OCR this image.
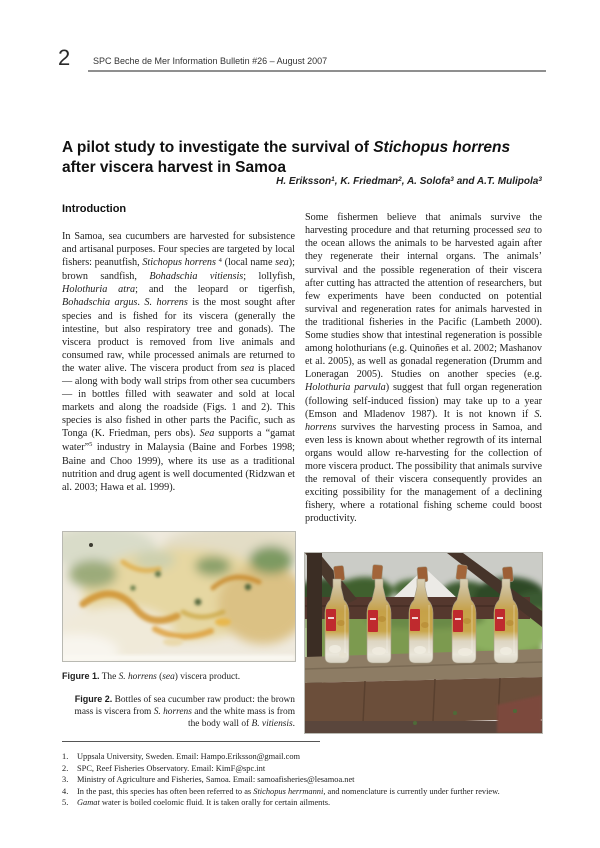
2	SPC Beche de Mer Information Bulletin #26 – August 2007
A pilot study to investigate the survival of Stichopus horrens after viscera harvest in Samoa
H. Eriksson$^1$, K. Friedman$^2$, A. Solofa$^3$ and A.T. Mulipola$^3$
Introduction

In Samoa, sea cucumbers are harvested for subsistence and artisanal purposes. Four species are targeted by local fishers: peanutfish, Stichopus horrens $^4$ (local name sea); brown sandfish, Bohadschia vitiensis; lollyfish, Holothuria atra; and the leopard or tigerfish, Bohadschia argus. S. horrens is the most sought after species and is fished for its viscera (generally the intestine, but also respiratory tree and gonads). The viscera product is removed from live animals and consumed raw, while processed animals are returned to the water alive. The viscera product from sea is placed — along with body wall strips from other sea cucumbers — in bottles filled with seawater and sold at local markets and along the roadside (Figs. 1 and 2). This species is also fished in other parts the Pacific, such as Tonga (K. Friedman, pers obs). Sea supports a “gamat water”$^5$ industry in Malaysia (Baine and Forbes 1998; Baine and Choo 1999), where its use as a traditional nutrition and drug agent is well documented (Ridzwan et al. 2003; Hawa et al. 1999).

Some fishermen believe that animals survive the harvesting procedure and that returning processed sea to the ocean allows the animals to be harvested again after they regenerate their internal organs. The animals’ survival and the possible regeneration of their viscera after cutting has attracted the attention of researchers, but few experiments have been conducted on potential survival and regeneration rates for animals harvested in the traditional fisheries in the Pacific (Lambeth 2000). Some studies show that intestinal regeneration is possible among holothurians (e.g. Quinoñes et al. 2002; Mashanov et al. 2005), as well as gonadal regeneration (Drumm and Loneragan 2005). Studies on another species (e.g. Holothuria parvula) suggest that full organ regeneration (following self-induced fission) may take up to a year (Emson and Mladenov 1987). It is not known if S. horrens survives the harvesting process in Samoa, and even less is known about whether regrowth of its internal organs would allow re-harvesting for the collection of more viscera product. The possibility that animals survive the removal of their viscera consequently provides an exciting possibility for the management of a declining fishery, where a rotational fishing scheme could boost productivity.

Figure 1. The S. horrens (sea) viscera product.
Figure 2. Bottles of sea cucumber raw product: the brown mass is viscera from S. horrens and the white mass is from the body wall of B. vitiensis.
1.	Uppsala University, Sweden. Email: Hampo.Eriksson@gmail.com
2.	SPC, Reef Fisheries Observatory. Email: KimF@spc.int
3.	Ministry of Agriculture and Fisheries, Samoa. Email: samoafisheries@lesamoa.net
4.	In the past, this species has often been referred to as Stichopus herrmanni, and nomenclature is currently under further review.
5.	Gamat water is boiled coelomic fluid. It is taken orally for certain ailments.
